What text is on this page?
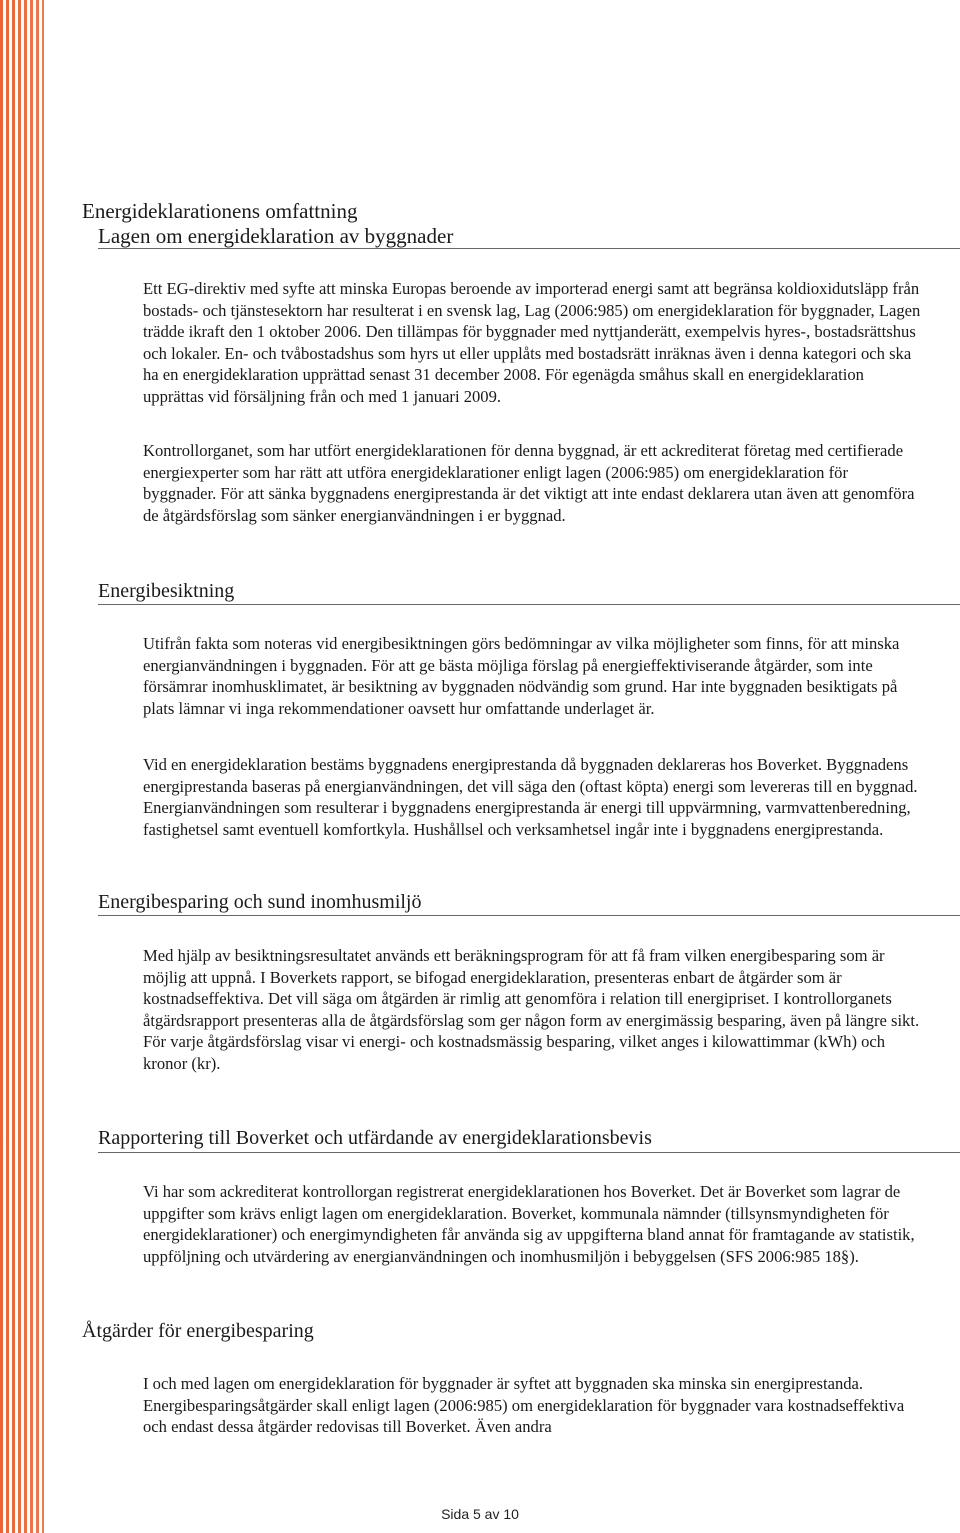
Energideklarationens omfattning
Lagen om energideklaration av byggnader

Ett EG-direktiv med syfte att minska Europas beroende av importerad energi samt att begränsa koldioxidutsläpp från bostads- och tjänstesektorn har resulterat i en svensk lag, Lag (2006:985) om energideklaration för byggnader, Lagen trädde ikraft den 1 oktober 2006. Den tillämpas för byggnader med nyttjanderätt, exempelvis hyres-, bostadsrättshus och lokaler. En- och tvåbostadshus som hyrs ut eller upplåts med bostadsrätt inräknas även i denna kategori och ska ha en energideklaration upprättad senast 31 december 2008. För egenägda småhus skall en energideklaration upprättas vid försäljning från och med 1 januari 2009.

Kontrollorganet, som har utfört energideklarationen för denna byggnad, är ett ackrediterat företag med certifierade energiexperter som har rätt att utföra energideklarationer enligt lagen (2006:985) om energideklaration för byggnader. För att sänka byggnadens energiprestanda är det viktigt att inte endast deklarera utan även att genomföra de åtgärdsförslag som sänker energianvändningen i er byggnad.

Energibesiktning

Utifrån fakta som noteras vid energibesiktningen görs bedömningar av vilka möjligheter som finns, för att minska energianvändningen i byggnaden. För att ge bästa möjliga förslag på energieffektiviserande åtgärder, som inte försämrar inomhusklimatet, är besiktning av byggnaden nödvändig som grund. Har inte byggnaden besiktigats på plats lämnar vi inga rekommendationer oavsett hur omfattande underlaget är.

Vid en energideklaration bestäms byggnadens energiprestanda då byggnaden deklareras hos Boverket. Byggnadens energiprestanda baseras på energianvändningen, det vill säga den (oftast köpta) energi som levereras till en byggnad. Energianvändningen som resulterar i byggnadens energiprestanda är energi till uppvärmning, varmvattenberedning, fastighetsel samt eventuell komfortkyla. Hushållsel och verksamhetsel ingår inte i byggnadens energiprestanda.

Energibesparing och sund inomhusmiljö

Med hjälp av besiktningsresultatet används ett beräkningsprogram för att få fram vilken energibesparing som är möjlig att uppnå. I Boverkets rapport, se bifogad energideklaration, presenteras enbart de åtgärder som är kostnadseffektiva. Det vill säga om åtgärden är rimlig att genomföra i relation till energipriset. I kontrollorganets åtgärdsrapport presenteras alla de åtgärdsförslag som ger någon form av energimässig besparing, även på längre sikt. För varje åtgärdsförslag visar vi energi- och kostnadsmässig besparing, vilket anges i kilowattimmar (kWh) och kronor (kr).

Rapportering till Boverket och utfärdande av energideklarationsbevis

Vi har som ackrediterat kontrollorgan registrerat energideklarationen hos Boverket. Det är Boverket som lagrar de uppgifter som krävs enligt lagen om energideklaration. Boverket, kommunala nämnder (tillsynsmyndigheten för energideklarationer) och energimyndigheten får använda sig av uppgifterna bland annat för framtagande av statistik, uppföljning och utvärdering av energianvändningen och inomhusmiljön i bebyggelsen (SFS 2006:985 18§).

Åtgärder för energibesparing

I och med lagen om energideklaration för byggnader är syftet att byggnaden ska minska sin energiprestanda. Energibesparingsåtgärder skall enligt lagen (2006:985) om energideklaration för byggnader vara kostnadseffektiva och endast dessa åtgärder redovisas till Boverket. Även andra

Sida 5 av 10
